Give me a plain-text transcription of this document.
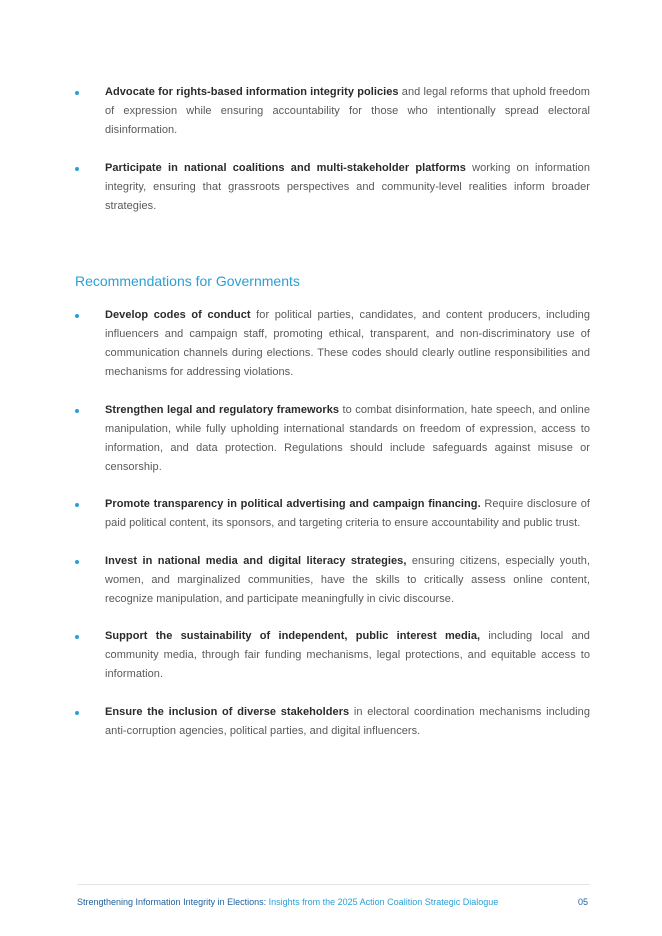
Advocate for rights-based information integrity policies and legal reforms that uphold freedom of expression while ensuring accountability for those who intentionally spread electoral disinformation.
Participate in national coalitions and multi-stakeholder platforms working on information integrity, ensuring that grassroots perspectives and community-level realities inform broader strategies.
Recommendations for Governments
Develop codes of conduct for political parties, candidates, and content producers, including influencers and campaign staff, promoting ethical, transparent, and non-discriminatory use of communication channels during elections. These codes should clearly outline responsibilities and mechanisms for addressing violations.
Strengthen legal and regulatory frameworks to combat disinformation, hate speech, and online manipulation, while fully upholding international standards on freedom of expression, access to information, and data protection. Regulations should include safeguards against misuse or censorship.
Promote transparency in political advertising and campaign financing. Require disclosure of paid political content, its sponsors, and targeting criteria to ensure accountability and public trust.
Invest in national media and digital literacy strategies, ensuring citizens, especially youth, women, and marginalized communities, have the skills to critically assess online content, recognize manipulation, and participate meaningfully in civic discourse.
Support the sustainability of independent, public interest media, including local and community media, through fair funding mechanisms, legal protections, and equitable access to information.
Ensure the inclusion of diverse stakeholders in electoral coordination mechanisms including anti-corruption agencies, political parties, and digital influencers.
Strengthening Information Integrity in Elections: Insights from the 2025 Action Coalition Strategic Dialogue	05
